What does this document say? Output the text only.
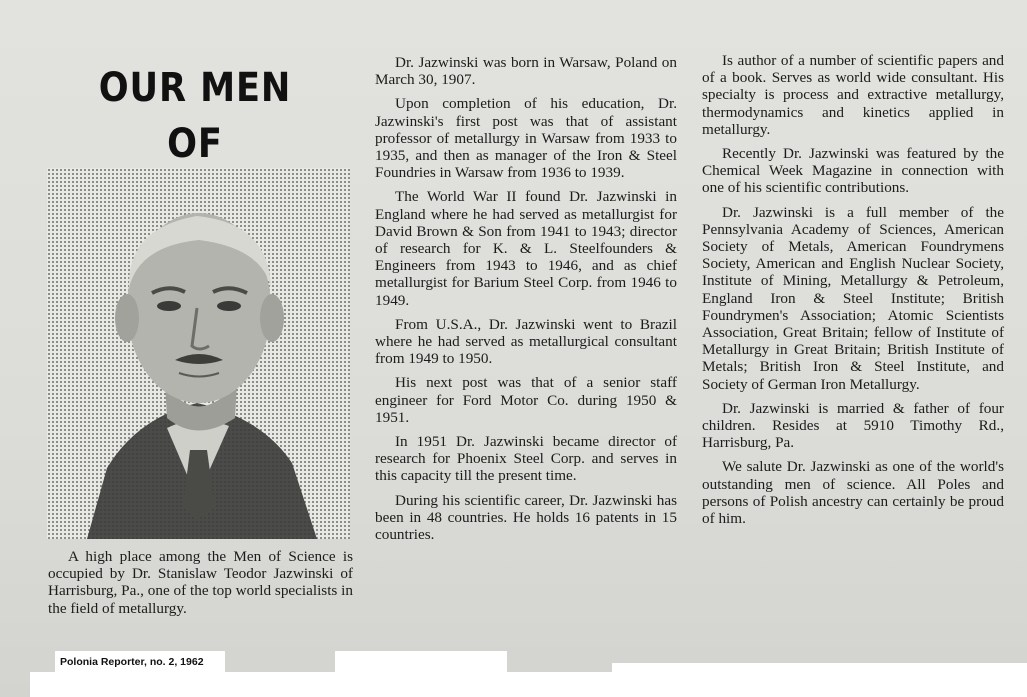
OUR MEN
OF

A high place among the Men of Science is occupied by Dr. Stanislaw Teodor Jazwinski of Harrisburg, Pa., one of the top world specialists in the field of metallurgy.

Dr. Jazwinski was born in Warsaw, Poland on March 30, 1907.

Upon completion of his education, Dr. Jazwinski's first post was that of assistant professor of metallurgy in Warsaw from 1933 to 1935, and then as manager of the Iron & Steel Foundries in Warsaw from 1936 to 1939.

The World War II found Dr. Jazwinski in England where he had served as metallurgist for David Brown & Son from 1941 to 1943; director of research for K. & L. Steelfounders & Engineers from 1943 to 1946, and as chief metallurgist for Barium Steel Corp. from 1946 to 1949.

From U.S.A., Dr. Jazwinski went to Brazil where he had served as metallurgical consultant from 1949 to 1950.

His next post was that of a senior staff engineer for Ford Motor Co. during 1950 & 1951.

In 1951 Dr. Jazwinski became director of research for Phoenix Steel Corp. and serves in this capacity till the present time.

During his scientific career, Dr. Jazwinski has been in 48 countries. He holds 16 patents in 15 countries.

Is author of a number of scientific papers and of a book. Serves as world wide consultant. His specialty is process and extractive metallurgy, thermodynamics and kinetics applied in metallurgy.

Recently Dr. Jazwinski was featured by the Chemical Week Magazine in connection with one of his scientific contributions.

Dr. Jazwinski is a full member of the Pennsylvania Academy of Sciences, American Society of Metals, American Foundrymens Society, American and English Nuclear Society, Institute of Mining, Metallurgy & Petroleum, England Iron & Steel Institute; British Foundrymen's Association; Atomic Scientists Association, Great Britain; fellow of Institute of Metallurgy in Great Britain; British Institute of Metals; British Iron & Steel Institute, and Society of German Iron Metallurgy.

Dr. Jazwinski is married & father of four children. Resides at 5910 Timothy Rd., Harrisburg, Pa.

We salute Dr. Jazwinski as one of the world's outstanding men of science. All Poles and persons of Polish ancestry can certainly be proud of him.

Polonia Reporter, no. 2, 1962
